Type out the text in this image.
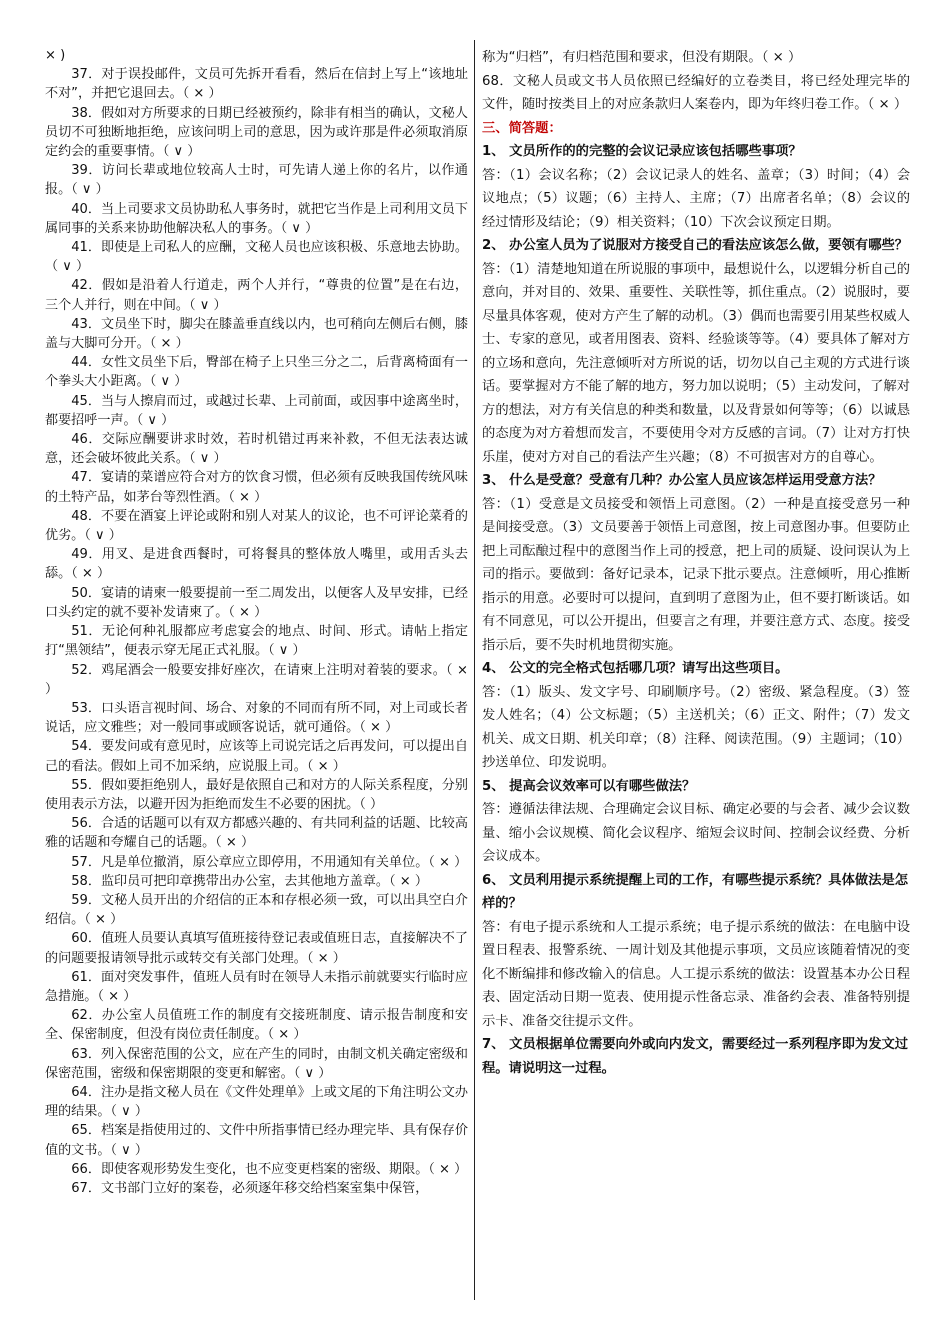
× )

37．对于误投邮件，文员可先拆开看看，然后在信封上写上“该地址不对”，并把它退回去。（ × ）

38．假如对方所要求的日期已经被预约，除非有相当的确认，文秘人员切不可独断地拒绝，应该问明上司的意思，因为或许那是件必须取消原定约会的重要事情。（ ∨ ）

39．访问长辈或地位较高人士时，可先请人递上你的名片，以作通报。（ ∨ ）

40．当上司要求文员协助私人事务时，就把它当作是上司利用文员下属同事的关系来协助他解决私人的事务。（ ∨ ）

41．即使是上司私人的应酬，文秘人员也应该积极、乐意地去协助。（ ∨ ）

42．假如是沿着人行道走，两个人并行，“尊贵的位置”是在右边，三个人并行，则在中间。（ ∨ ）

43．文员坐下时，脚尖在膝盖垂直线以内，也可稍向左侧后右侧，膝盖与大脚可分开。（ × ）

44．女性文员坐下后，臀部在椅子上只坐三分之二，后背离椅面有一个拳头大小距离。（ ∨ ）

45．当与人擦肩而过，或越过长辈、上司前面，或因事中途离坐时，都要招呼一声。（ ∨ ）

46．交际应酬要讲求时效，若时机错过再来补救，不但无法表达诚意，还会破坏彼此关系。（ ∨ ）

47．宴请的菜谱应符合对方的饮食习惯，但必须有反映我国传统风味的土特产品，如茅台等烈性酒。（ × ）

48．不要在酒宴上评论或附和别人对某人的议论，也不可评论菜肴的优劣。（ ∨ ）

49．用叉、是进食西餐时，可将餐具的整体放人嘴里，或用舌头去舔。（ × ）

50．宴请的请柬一般要提前一至二周发出，以便客人及早安排，已经口头约定的就不要补发请柬了。（ × ）

51．无论何种礼服都应考虑宴会的地点、时间、形式。请帖上指定打“黑领结”，便表示穿无尾正式礼服。（ ∨ ）

52．鸡尾酒会一般要安排好座次，在请柬上注明对着装的要求。（ × ）

53．口头语言视时间、场合、对象的不同而有所不同，对上司或长者说话，应文雅些；对一般同事或顾客说话，就可通俗。（ × ）

54．要发问或有意见时，应该等上司说完话之后再发问，可以提出自己的看法。假如上司不加采纳，应说服上司。（ × ）

55．假如要拒绝别人，最好是依照自己和对方的人际关系程度，分别使用表示方法，以避开因为拒绝而发生不必要的困扰。（ ）

56．合适的话题可以有双方都感兴趣的、有共同利益的话题、比较高雅的话题和夸耀自己的话题。（ × ）

57．凡是单位撤消，原公章应立即停用，不用通知有关单位。（ × ）

58．监印员可把印章携带出办公室，去其他地方盖章。（ × ）

59．文秘人员开出的介绍信的正本和存根必须一致，可以出具空白介绍信。（ × ）

60．值班人员要认真填写值班接待登记表或值班日志，直接解决不了的问题要报请领导批示或转交有关部门处理。（ × ）

61．面对突发事件，值班人员有时在领导人未指示前就要实行临时应急措施。（ × ）

62．办公室人员值班工作的制度有交接班制度、请示报告制度和安全、保密制度，但没有岗位责任制度。（ × ）

63．列入保密范围的公文，应在产生的同时，由制文机关确定密级和保密范围，密级和保密期限的变更和解密。（ ∨ ）

64．注办是指文秘人员在《文件处理单》上或文尾的下角注明公文办理的结果。（ ∨ ）

65．档案是指使用过的、文件中所指事情已经办理完毕、具有保存价值的文书。（ ∨ ）

66．即使客观形势发生变化，也不应变更档案的密级、期限。（ × ）

67．文书部门立好的案卷，必须逐年移交给档案室集中保管，

称为“归档”，有归档范围和要求，但没有期限。（ × ）

68．文秘人员或文书人员依照已经编好的立卷类目，将已经处理完毕的文件，随时按类目上的对应条款归人案卷内，即为年终归卷工作。（ × ）

三、简答题：

1、 文员所作的的完整的会议记录应该包括哪些事项？

答：（1）会议名称；（2）会议记录人的姓名、盖章；（3）时间；（4）会议地点；（5）议题；（6）主持人、主席；（7）出席者名单；（8）会议的经过情形及结论；（9）相关资料；（10）下次会议预定日期。

2、 办公室人员为了说服对方接受自己的看法应该怎么做，要领有哪些？

答：（1）清楚地知道在所说服的事项中，最想说什么，以逻辑分析自己的意向，并对目的、效果、重要性、关联性等，抓住重点。（2）说服时，要尽量具体客观，使对方产生了解的动机。（3）偶而也需要引用某些权威人士、专家的意见，或者用图表、资料、经验谈等等。（4）要具体了解对方的立场和意向，先注意倾听对方所说的话，切勿以自己主观的方式进行谈话。要掌握对方不能了解的地方，努力加以说明；（5）主动发问，了解对方的想法，对方有关信息的种类和数量，以及背景如何等等；（6）以诚恳的态度为对方着想而发言，不要使用令对方反感的言词。（7）让对方打快乐崖，使对方对自己的看法产生兴趣；（8）不可损害对方的自尊心。

3、 什么是受意？受意有几种？办公室人员应该怎样运用受意方法？

答：（1）受意是文员接受和领悟上司意图。（2）一种是直接受意另一种是间接受意。（3）文员要善于领悟上司意图，按上司意图办事。但要防止把上司酝酿过程中的意图当作上司的授意，把上司的质疑、设问误认为上司的指示。要做到：备好记录本，记录下批示要点。注意倾听，用心推断指示的用意。必要时可以提问，直到明了意图为止，但不要打断谈话。如有不同意见，可以公开提出，但要言之有理，并要注意方式、态度。接受指示后，要不失时机地贯彻实施。

4、 公文的完全格式包括哪几项？请写出这些项目。

答：（1）版头、发文字号、印刷顺序号。（2）密级、紧急程度。（3）签发人姓名；（4）公文标题；（5）主送机关；（6）正文、附件；（7）发文机关、成文日期、机关印章；（8）注释、阅读范围。（9）主题词；（10）抄送单位、印发说明。

5、 提高会议效率可以有哪些做法？

答：遵循法律法规、合理确定会议目标、确定必要的与会者、减少会议数量、缩小会议规模、简化会议程序、缩短会议时间、控制会议经费、分析会议成本。

6、 文员利用提示系统提醒上司的工作，有哪些提示系统？具体做法是怎样的？

答：有电子提示系统和人工提示系统；电子提示系统的做法：在电脑中设置日程表、报警系统、一周计划及其他提示事项，文员应该随着情况的变化不断编排和修改输入的信息。人工提示系统的做法：设置基本办公日程表、固定活动日期一览表、使用提示性备忘录、准备约会表、准备特别提示卡、准备交往提示文件。

7、 文员根据单位需要向外或向内发文，需要经过一系列程序即为发文过程。请说明这一过程。
